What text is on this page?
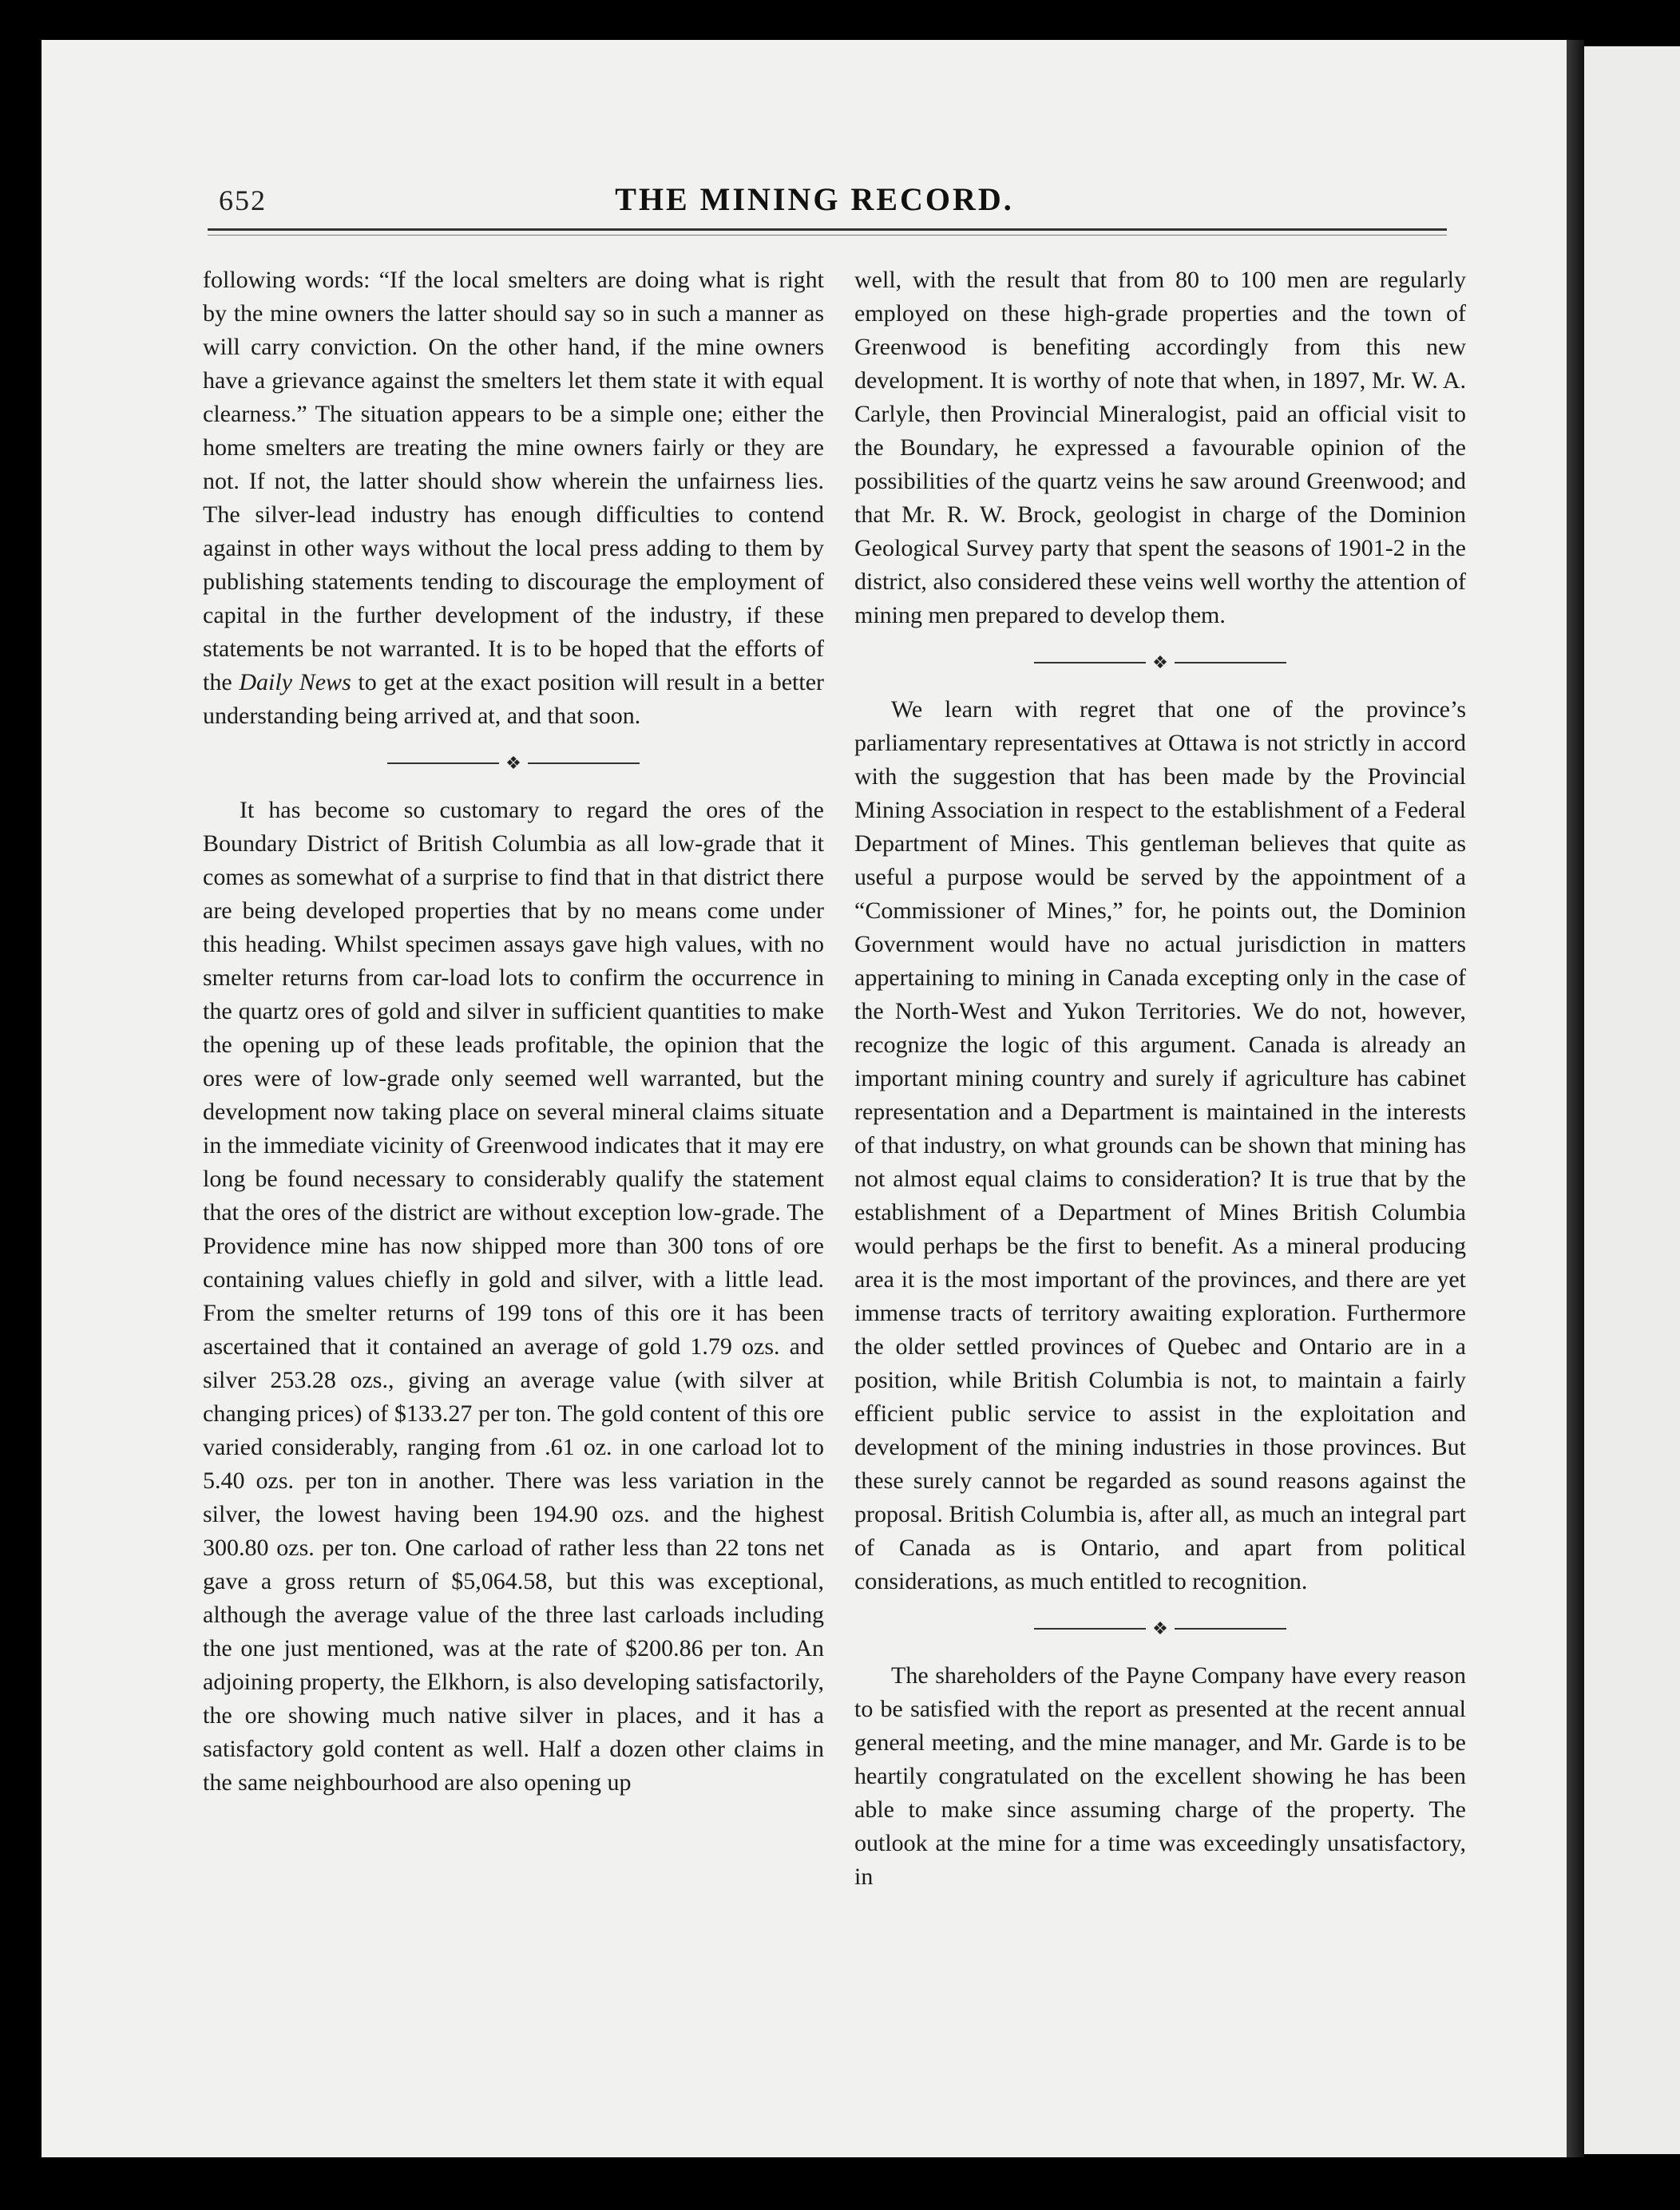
652	THE MINING RECORD.

following words: “If the local smelters are doing what is right by the mine owners the latter should say so in such a manner as will carry conviction. On the other hand, if the mine owners have a grievance against the smelters let them state it with equal clearness.” The situation appears to be a simple one; either the home smelters are treating the mine owners fairly or they are not. If not, the latter should show wherein the unfairness lies. The silver-lead industry has enough difficulties to contend against in other ways without the local press adding to them by publishing statements tending to discourage the employment of capital in the further development of the industry, if these statements be not warranted. It is to be hoped that the efforts of the Daily News to get at the exact position will result in a better understanding being arrived at, and that soon.

❖

It has become so customary to regard the ores of the Boundary District of British Columbia as all low-grade that it comes as somewhat of a surprise to find that in that district there are being developed properties that by no means come under this heading. Whilst specimen assays gave high values, with no smelter returns from car-load lots to confirm the occurrence in the quartz ores of gold and silver in sufficient quantities to make the opening up of these leads profitable, the opinion that the ores were of low-grade only seemed well warranted, but the development now taking place on several mineral claims situate in the immediate vicinity of Greenwood indicates that it may ere long be found necessary to considerably qualify the statement that the ores of the district are without exception low-grade. The Providence mine has now shipped more than 300 tons of ore containing values chiefly in gold and silver, with a little lead. From the smelter returns of 199 tons of this ore it has been ascertained that it contained an average of gold 1.79 ozs. and silver 253.28 ozs., giving an average value (with silver at changing prices) of $133.27 per ton. The gold content of this ore varied considerably, ranging from .61 oz. in one carload lot to 5.40 ozs. per ton in another. There was less variation in the silver, the lowest having been 194.90 ozs. and the highest 300.80 ozs. per ton. One carload of rather less than 22 tons net gave a gross return of $5,064.58, but this was exceptional, although the average value of the three last carloads including the one just mentioned, was at the rate of $200.86 per ton. An adjoining property, the Elkhorn, is also developing satisfactorily, the ore showing much native silver in places, and it has a satisfactory gold content as well. Half a dozen other claims in the same neighbourhood are also opening up

well, with the result that from 80 to 100 men are regularly employed on these high-grade properties and the town of Greenwood is benefiting accordingly from this new development. It is worthy of note that when, in 1897, Mr. W. A. Carlyle, then Provincial Mineralogist, paid an official visit to the Boundary, he expressed a favourable opinion of the possibilities of the quartz veins he saw around Greenwood; and that Mr. R. W. Brock, geologist in charge of the Dominion Geological Survey party that spent the seasons of 1901-2 in the district, also considered these veins well worthy the attention of mining men prepared to develop them.

❖

We learn with regret that one of the province’s parliamentary representatives at Ottawa is not strictly in accord with the suggestion that has been made by the Provincial Mining Association in respect to the establishment of a Federal Department of Mines. This gentleman believes that quite as useful a purpose would be served by the appointment of a “Commissioner of Mines,” for, he points out, the Dominion Government would have no actual jurisdiction in matters appertaining to mining in Canada excepting only in the case of the North-West and Yukon Territories. We do not, however, recognize the logic of this argument. Canada is already an important mining country and surely if agriculture has cabinet representation and a Department is maintained in the interests of that industry, on what grounds can be shown that mining has not almost equal claims to consideration? It is true that by the establishment of a Department of Mines British Columbia would perhaps be the first to benefit. As a mineral producing area it is the most important of the provinces, and there are yet immense tracts of territory awaiting exploration. Furthermore the older settled provinces of Quebec and Ontario are in a position, while British Columbia is not, to maintain a fairly efficient public service to assist in the exploitation and development of the mining industries in those provinces. But these surely cannot be regarded as sound reasons against the proposal. British Columbia is, after all, as much an integral part of Canada as is Ontario, and apart from political considerations, as much entitled to recognition.

❖

The shareholders of the Payne Company have every reason to be satisfied with the report as presented at the recent annual general meeting, and the mine manager, and Mr. Garde is to be heartily congratulated on the excellent showing he has been able to make since assuming charge of the property. The outlook at the mine for a time was exceedingly unsatisfactory, in
